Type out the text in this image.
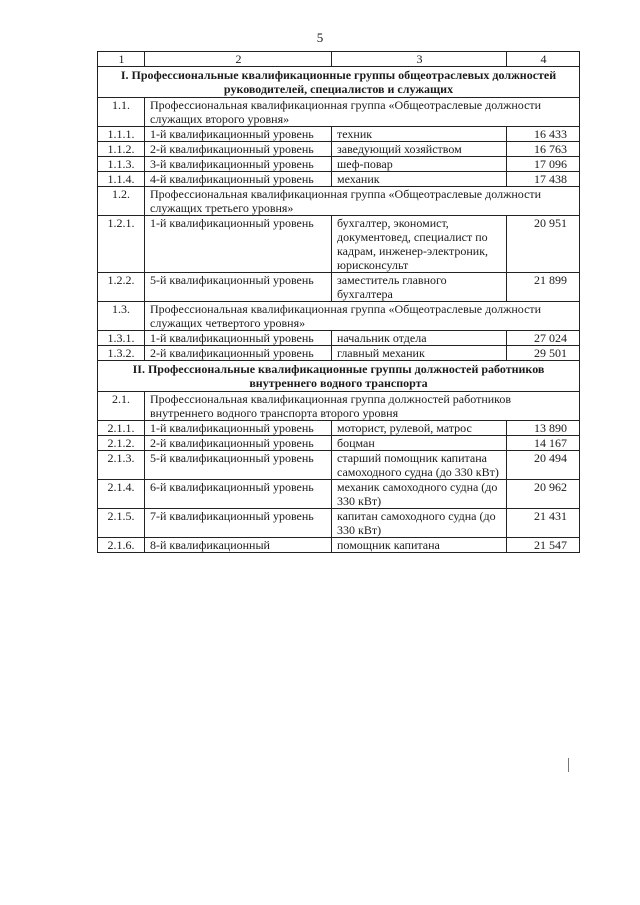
5
1	2	3	4
I. Профессиональные квалификационные группы общеотраслевых должностей руководителей, специалистов и служащих			
1.1.	Профессиональная квалификационная группа «Общеотраслевые должности служащих второго уровня»		
1.1.1.	1-й квалификационный уровень	техник	16 433
1.1.2.	2-й квалификационный уровень	заведующий хозяйством	16 763
1.1.3.	3-й квалификационный уровень	шеф-повар	17 096
1.1.4.	4-й квалификационный уровень	механик	17 438
1.2.	Профессиональная квалификационная группа «Общеотраслевые должности служащих третьего уровня»		
1.2.1.	1-й квалификационный уровень	бухгалтер, экономист, документовед, специалист по кадрам, инженер-электроник, юрисконсульт	20 951
1.2.2.	5-й квалификационный уровень	заместитель главного бухгалтера	21 899
1.3.	Профессиональная квалификационная группа «Общеотраслевые должности служащих четвертого уровня»		
1.3.1.	1-й квалификационный уровень	начальник отдела	27 024
1.3.2.	2-й квалификационный уровень	главный механик	29 501
II. Профессиональные квалификационные группы должностей работников внутреннего водного транспорта			
2.1.	Профессиональная квалификационная группа должностей работников внутреннего водного транспорта второго уровня		
2.1.1.	1-й квалификационный уровень	моторист, рулевой, матрос	13 890
2.1.2.	2-й квалификационный уровень	боцман	14 167
2.1.3.	5-й квалификационный уровень	старший помощник капитана самоходного судна (до 330 кВт)	20 494
2.1.4.	6-й квалификационный уровень	механик самоходного судна (до 330 кВт)	20 962
2.1.5.	7-й квалификационный уровень	капитан самоходного судна (до 330 кВт)	21 431
2.1.6.	8-й квалификационный	помощник капитана	21 547
